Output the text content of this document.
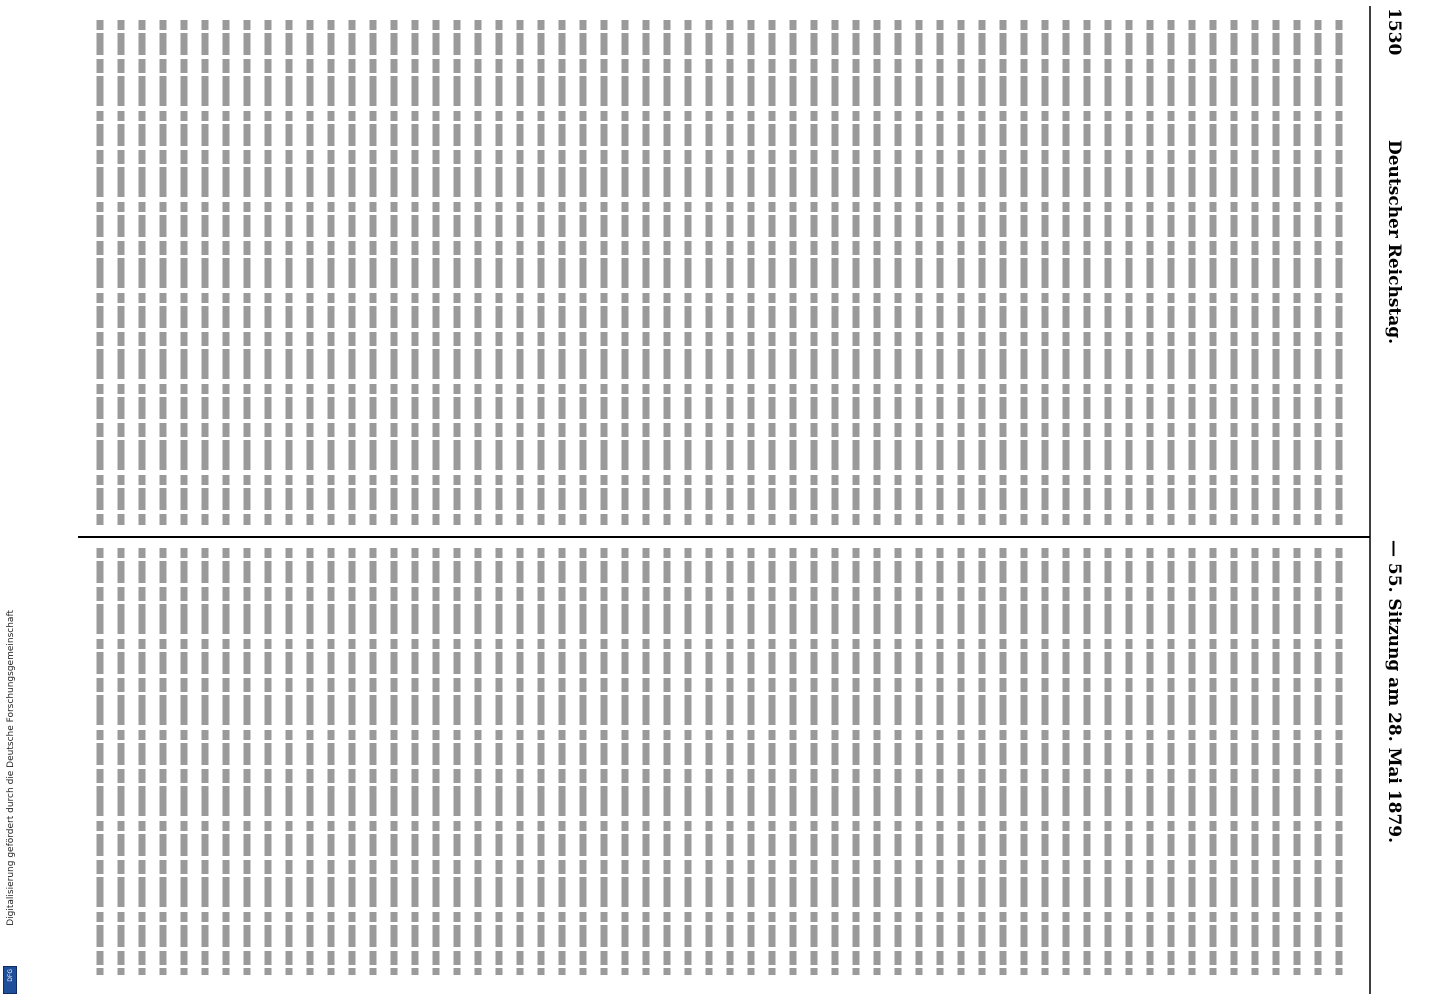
1530
Deutscher Reichstag.
— 55. Sitzung am 28. Mai 1879.
Digitalisierung gefördert durch die Deutsche Forschungsgemeinschaft
DFG
